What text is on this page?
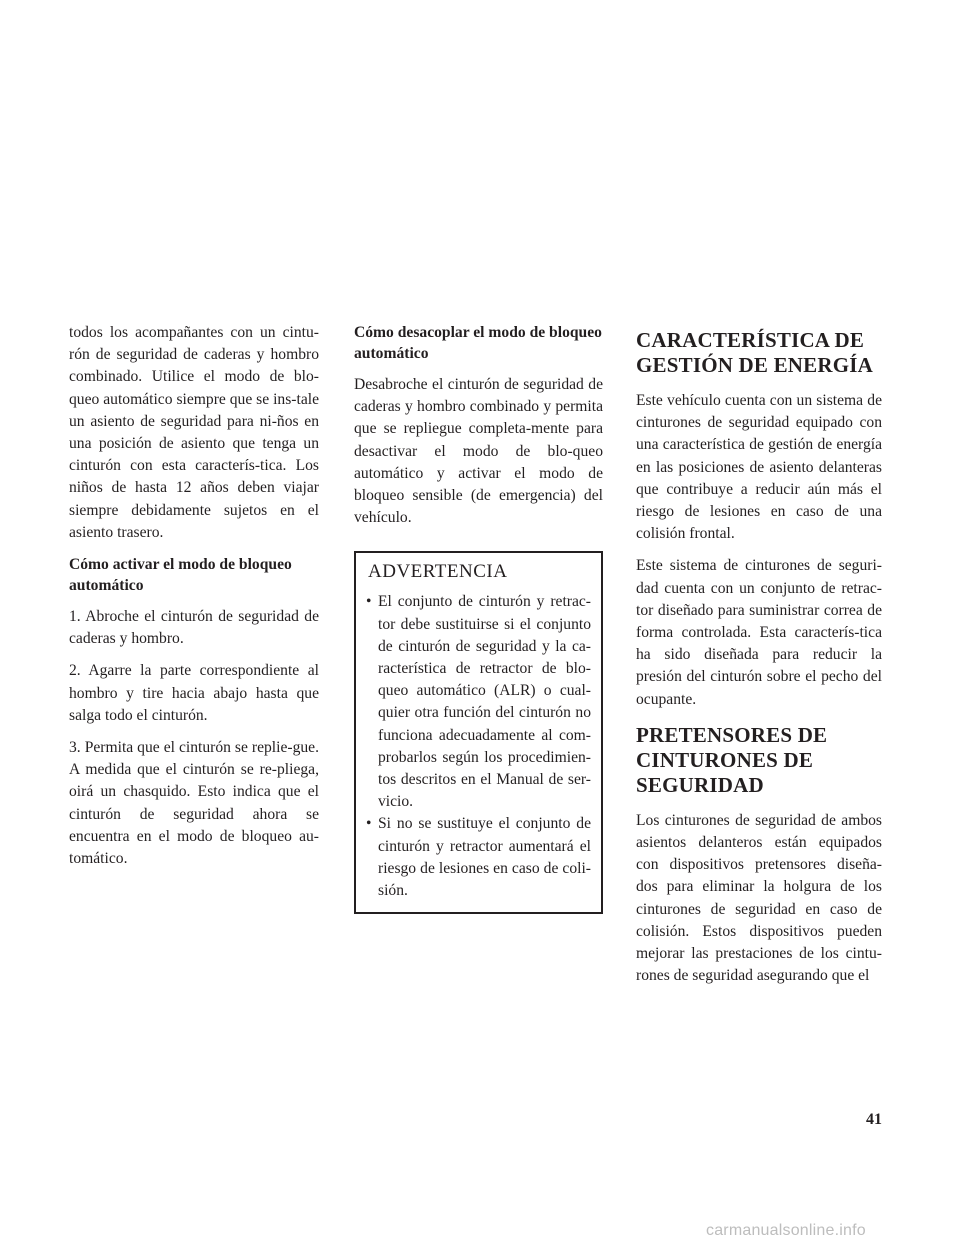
todos los acompañantes con un cintu-rón de seguridad de caderas y hombro combinado. Utilice el modo de blo-queo automático siempre que se ins-tale un asiento de seguridad para ni-ños en una posición de asiento que tenga un cinturón con esta caracterís-tica. Los niños de hasta 12 años deben viajar siempre debidamente sujetos en el asiento trasero.

Cómo activar el modo de bloqueo automático

1. Abroche el cinturón de seguridad de caderas y hombro.

2. Agarre la parte correspondiente al hombro y tire hacia abajo hasta que salga todo el cinturón.

3. Permita que el cinturón se replie-gue. A medida que el cinturón se re-pliega, oirá un chasquido. Esto indica que el cinturón de seguridad ahora se encuentra en el modo de bloqueo au-tomático.

Cómo desacoplar el modo de bloqueo automático

Desabroche el cinturón de seguridad de caderas y hombro combinado y permita que se repliegue completa-mente para desactivar el modo de blo-queo automático y activar el modo de bloqueo sensible (de emergencia) del vehículo.

ADVERTENCIA
• El conjunto de cinturón y retrac-tor debe sustituirse si el conjunto de cinturón de seguridad y la ca-racterística de retractor de blo-queo automático (ALR) o cual-quier otra función del cinturón no funciona adecuadamente al com-probarlos según los procedimien-tos descritos en el Manual de ser-vicio.
• Si no se sustituye el conjunto de cinturón y retractor aumentará el riesgo de lesiones en caso de coli-sión.
CARACTERÍSTICA DE GESTIÓN DE ENERGÍA

Este vehículo cuenta con un sistema de cinturones de seguridad equipado con una característica de gestión de energía en las posiciones de asiento delanteras que contribuye a reducir aún más el riesgo de lesiones en caso de una colisión frontal.

Este sistema de cinturones de seguri-dad cuenta con un conjunto de retrac-tor diseñado para suministrar correa de forma controlada. Esta caracterís-tica ha sido diseñada para reducir la presión del cinturón sobre el pecho del ocupante.

PRETENSORES DE CINTURONES DE SEGURIDAD

Los cinturones de seguridad de ambos asientos delanteros están equipados con dispositivos pretensores diseña-dos para eliminar la holgura de los cinturones de seguridad en caso de colisión. Estos dispositivos pueden mejorar las prestaciones de los cintu-rones de seguridad asegurando que el

41
carmanualsonline.info
